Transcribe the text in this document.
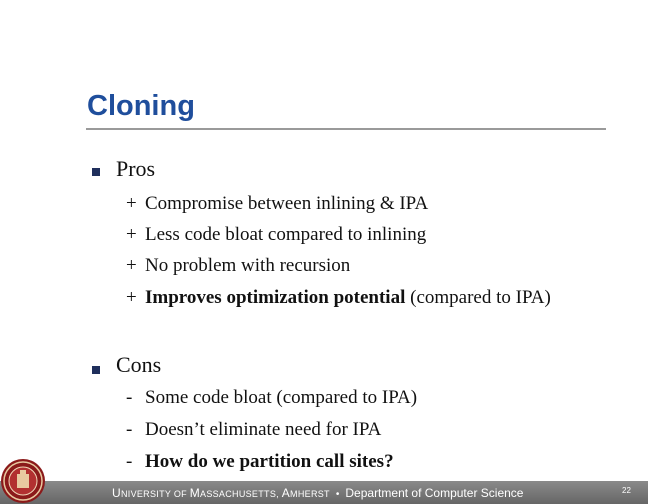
Cloning
Pros
+ Compromise between inlining & IPA
+ Less code bloat compared to inlining
+ No problem with recursion
+ Improves optimization potential (compared to IPA)
Cons
- Some code bloat (compared to IPA)
- Doesn’t eliminate need for IPA
- How do we partition call sites?
UNIVERSITY OF MASSACHUSETTS, AMHERST • Department of Computer Science	22
